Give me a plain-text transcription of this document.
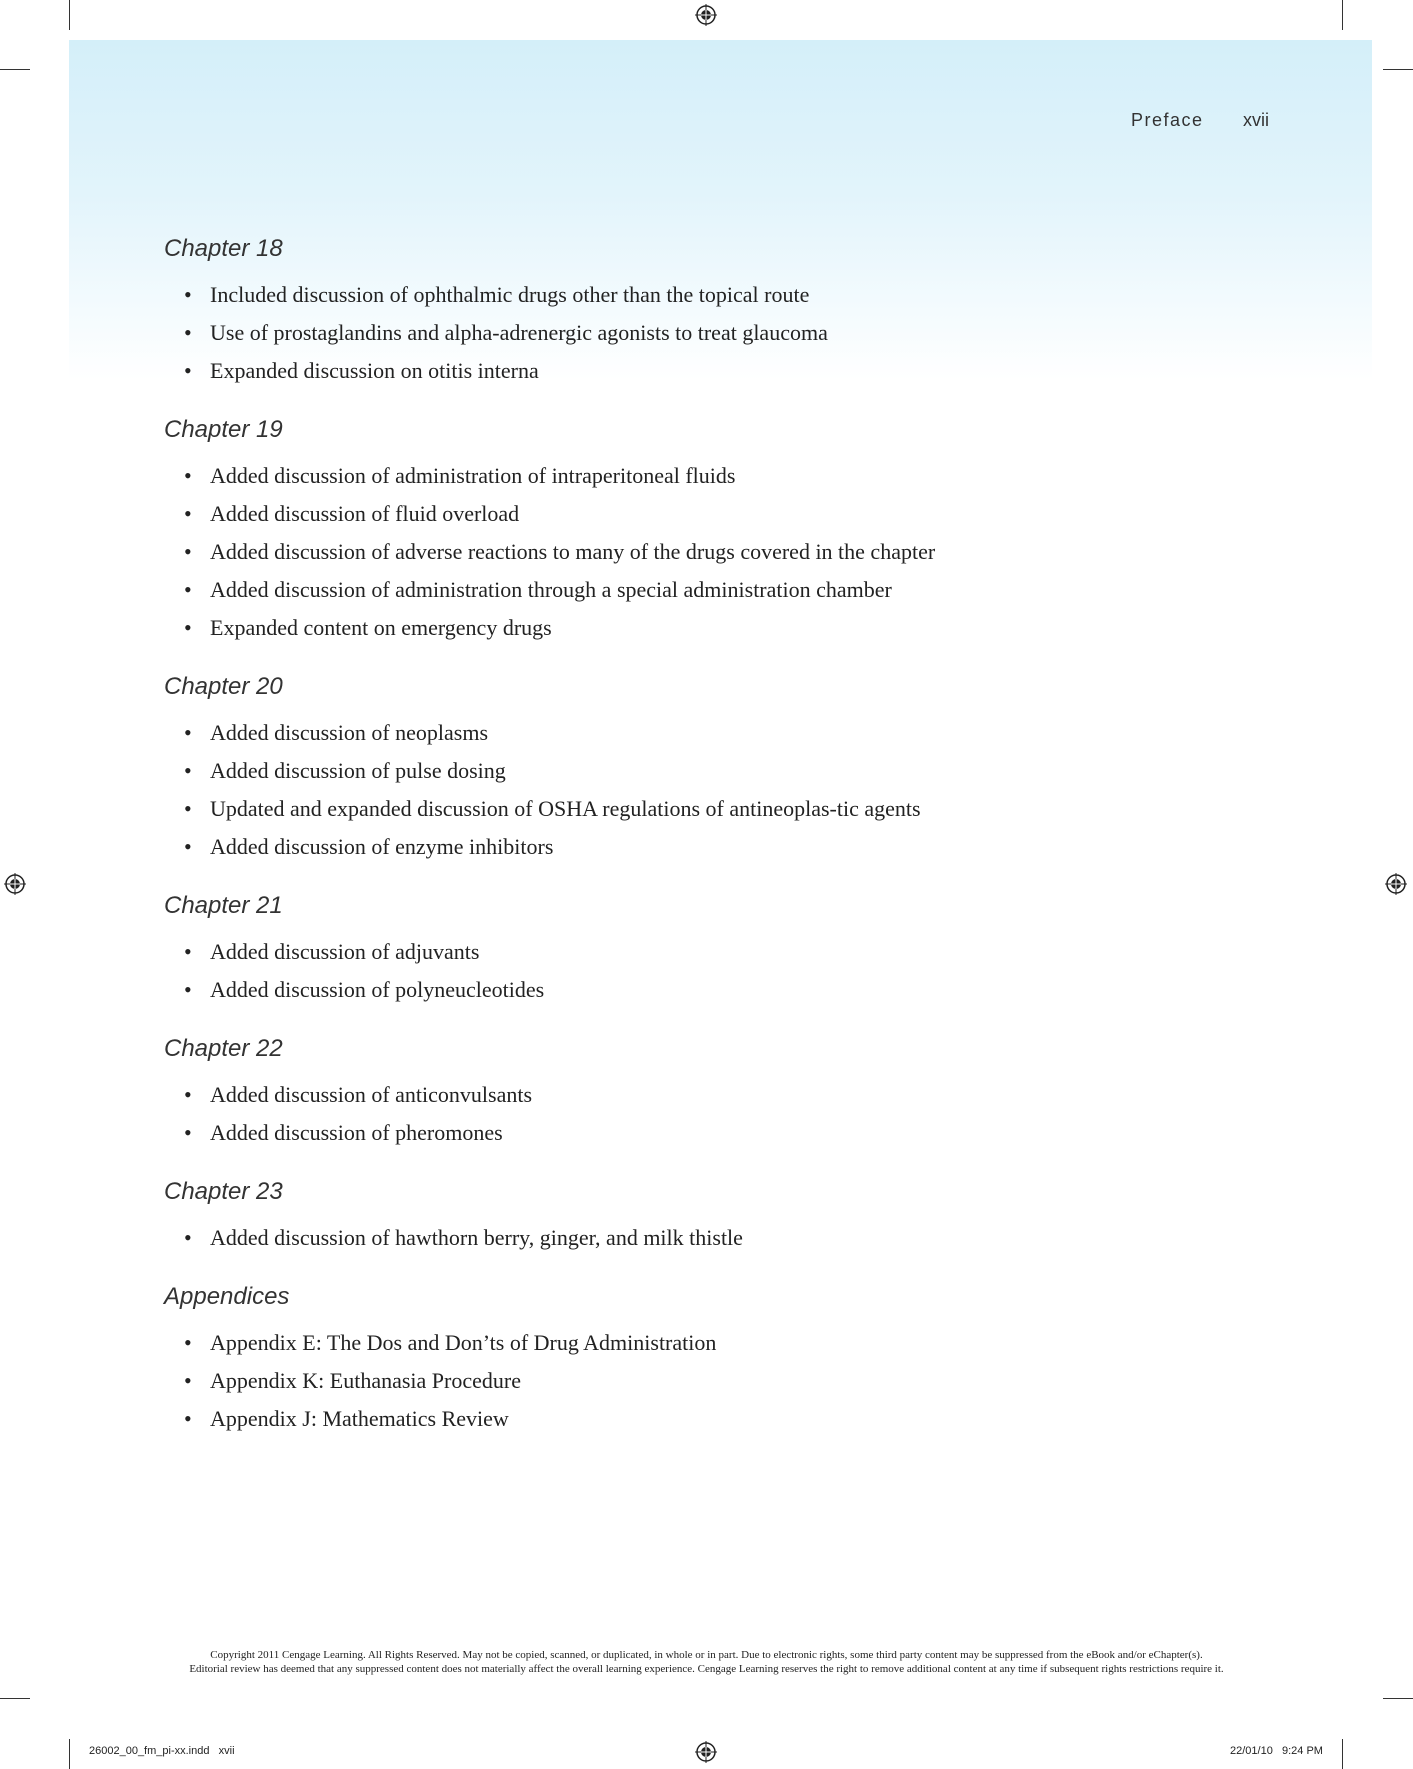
Preface xvii
Chapter 18
• Included discussion of ophthalmic drugs other than the topical route
• Use of prostaglandins and alpha-adrenergic agonists to treat glaucoma
• Expanded discussion on otitis interna
Chapter 19
• Added discussion of administration of intraperitoneal fluids
• Added discussion of fluid overload
• Added discussion of adverse reactions to many of the drugs covered in the chapter
• Added discussion of administration through a special administration chamber
• Expanded content on emergency drugs
Chapter 20
• Added discussion of neoplasms
• Added discussion of pulse dosing
• Updated and expanded discussion of OSHA regulations of antineoplas-tic agents
• Added discussion of enzyme inhibitors
Chapter 21
• Added discussion of adjuvants
• Added discussion of polyneucleotides
Chapter 22
• Added discussion of anticonvulsants
• Added discussion of pheromones
Chapter 23
• Added discussion of hawthorn berry, ginger, and milk thistle
Appendices
• Appendix E: The Dos and Don’ts of Drug Administration
• Appendix K: Euthanasia Procedure
• Appendix J: Mathematics Review
Copyright 2011 Cengage Learning. All Rights Reserved. May not be copied, scanned, or duplicated, in whole or in part. Due to electronic rights, some third party content may be suppressed from the eBook and/or eChapter(s).
Editorial review has deemed that any suppressed content does not materially affect the overall learning experience. Cengage Learning reserves the right to remove additional content at any time if subsequent rights restrictions require it.
26002_00_fm_pi-xx.indd   xvii	22/01/10   9:24 PM
